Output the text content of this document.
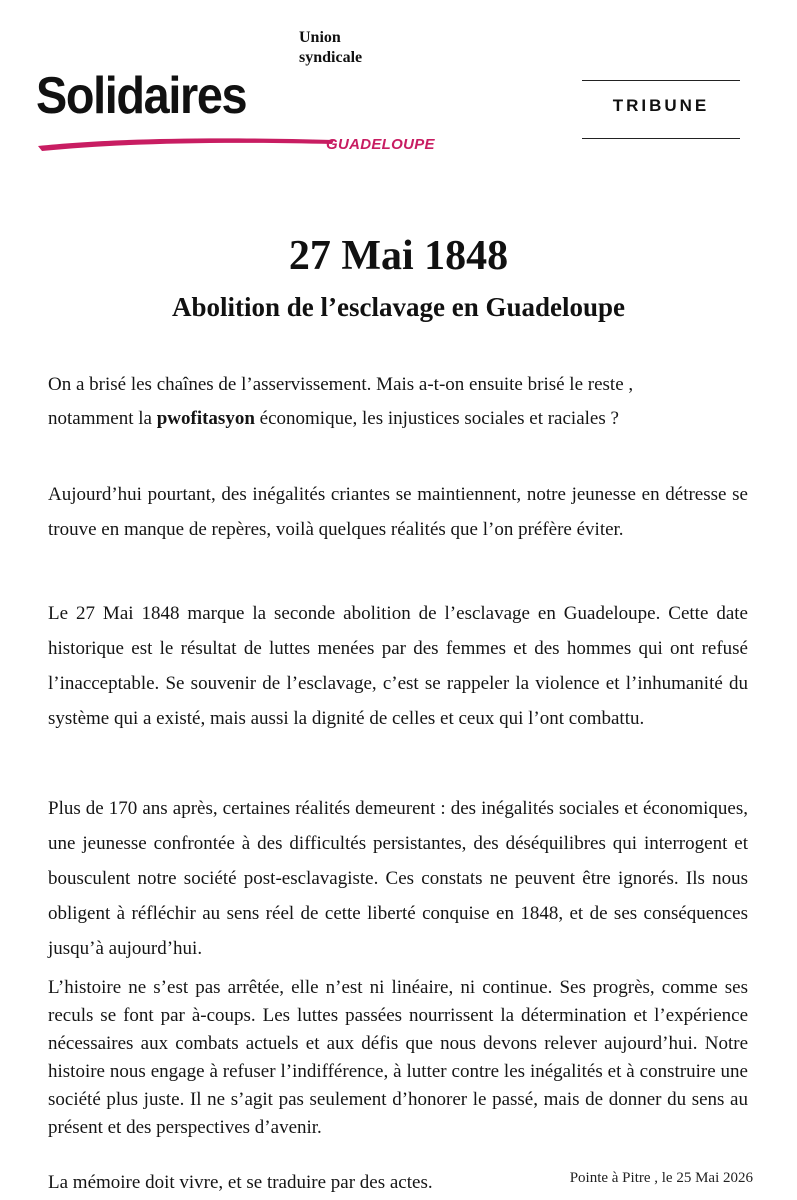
Union
syndicale
Solidaires
GUADELOUPE
TRIBUNE
27 Mai 1848
Abolition de l’esclavage en Guadeloupe
On a brisé les chaînes de l’asservissement. Mais a-t-on ensuite brisé le reste ,
notamment la pwofitasyon économique, les injustices sociales et raciales ?

Aujourd’hui pourtant, des inégalités criantes se maintiennent, notre jeunesse en détresse se trouve en manque de repères, voilà quelques réalités que l’on préfère éviter.

Le 27 Mai 1848 marque la seconde abolition de l’esclavage en Guadeloupe. Cette date historique est le résultat de luttes menées par des femmes et des hommes qui ont refusé l’inacceptable. Se souvenir de l’esclavage, c’est se rappeler la violence et l’inhumanité du système qui a existé, mais aussi la dignité de celles et ceux qui l’ont combattu.

Plus de 170 ans après, certaines réalités demeurent : des inégalités sociales et économiques, une jeunesse confrontée à des difficultés persistantes, des déséquilibres qui interrogent et bousculent notre société post-esclavagiste. Ces constats ne peuvent être ignorés. Ils nous obligent à réfléchir au sens réel de cette liberté conquise en 1848, et de ses conséquences jusqu’à aujourd’hui.

L’histoire ne s’est pas arrêtée, elle n’est ni linéaire, ni continue. Ses progrès, comme ses reculs se font par à-coups. Les luttes passées nourrissent la détermination et l’expérience nécessaires aux combats actuels et aux défis que nous devons relever aujourd’hui. Notre histoire nous engage à refuser l’indifférence, à lutter contre les inégalités et à construire une société plus juste. Il ne s’agit pas seulement d’honorer le passé, mais de donner du sens au présent et des perspectives d’avenir.

La mémoire doit vivre, et se traduire par des actes.	Pointe à Pitre , le 25 Mai 2026
